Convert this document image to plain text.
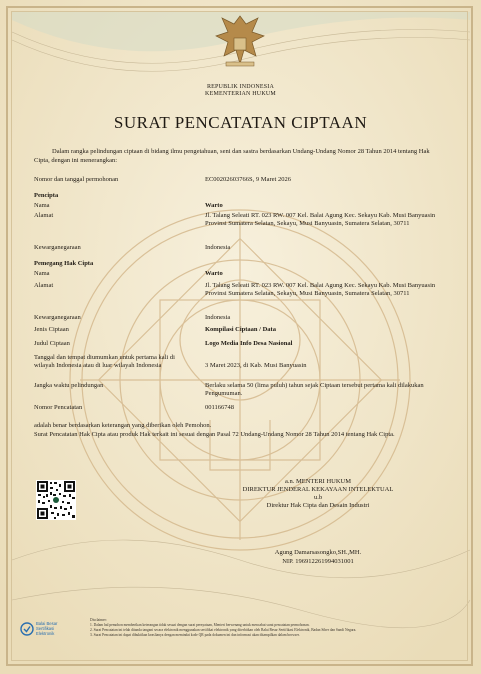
REPUBLIK INDONESIA
KEMENTERIAN HUKUM
SURAT PENCATATAN CIPTAAN
Dalam rangka pelindungan ciptaan di bidang ilmu pengetahuan, seni dan sastra berdasarkan Undang-Undang Nomor 28 Tahun 2014 tentang Hak Cipta, dengan ini menerangkan:
Nomor dan tanggal permohonan	EC00202603766S, 9 Maret 2026
Pencipta
Nama	Warto
Alamat	Jl. Talang Seleati RT. 023 RW. 007 Kel. Balai Agung Kec. Sekayu Kab. Musi Banyuasin Provinsi Sumatera Selatan, Sekayu, Musi Banyuasin, Sumatera Selatan, 30711
Kewarganegaraan	Indonesia
Pemegang Hak Cipta
Nama	Warto
Alamat	Jl. Talang Seleati RT. 023 RW. 007 Kel. Balai Agung Kec. Sekayu Kab. Musi Banyuasin Provinsi Sumatera Selatan, Sekayu, Musi Banyuasin, Sumatera Selatan, 30711
Kewarganegaraan	Indonesia
Jenis Ciptaan	Kompilasi Ciptaan / Data
Judul Ciptaan	Logo Media Info Desa Nasional
Tanggal dan tempat diumumkan untuk pertama kali di wilayah Indonesia atau di luar wilayah Indonesia	3 Maret 2023, di Kab. Musi Banyuasin
Jangka waktu pelindungan	Berlaku selama 50 (lima puluh) tahun sejak Ciptaan tersebut pertama kali dilakukan Pengumuman.
Nomor Pencatatan	001166748
adalah benar berdasarkan keterangan yang diberikan oleh Pemohon.
Surat Pencatatan Hak Cipta atau produk Hak terkait ini sesuai dengan Pasal 72 Undang-Undang Nomor 28 Tahun 2014 tentang Hak Cipta.
a.n. MENTERI HUKUM
DIREKTUR JENDERAL KEKAYAAN INTELEKTUAL
u.b
Direktur Hak Cipta dan Desain Industri
Agung Damarsasongko,SH.,MH.
NIP. 196912261994031001
Balai Besar
Sertifikasi
Elektronik
Disclaimer:
1. Dalam hal pemohon memberikan keterangan tidak sesuai dengan surat pernyataan, Menteri berwenang untuk mencabut surat pencatatan permohonan.
2. Surat Pencatatan ini telah ditanda tangani secara elektronik menggunakan sertifikat elektronik yang diterbitkan oleh Balai Besar Sertifikasi Elektronik, Badan Siber dan Sandi Negara.
3. Surat Pencatatan ini dapat dibuktikan keaslianya dengan memindai kode QR pada dokumen ini dan informasi akan ditampilkan dalam browser.
